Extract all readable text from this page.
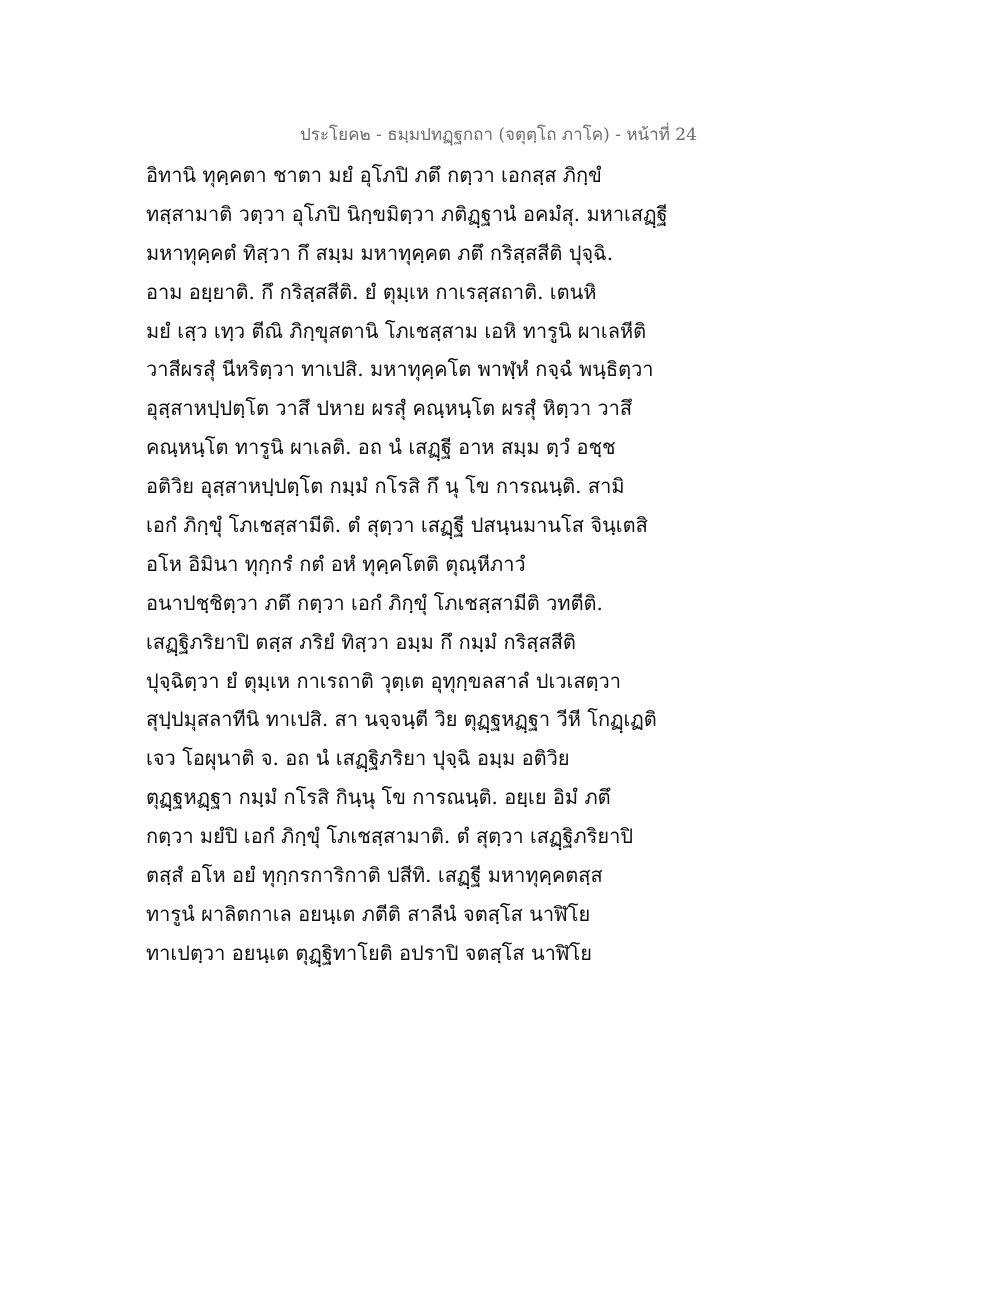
ประโยค๒ - ธมฺมปทฏฺฐกถา (จตุตฺโถ ภาโค) - หน้าที่ 24
อิทานิ ทุคฺคตา ชาตา มยํ อุโภปิ ภตึ กตฺวา เอกสฺส ภิกฺขํ
ทสฺสามาติ วตฺวา อุโภปิ นิกฺขมิตฺวา ภติฏฺฐานํ อคมํสุ. มหาเสฏฺฐี
มหาทุคฺคตํ ทิสฺวา กึ สมฺม มหาทุคฺคต ภตึ กริสฺสสีติ ปุจฺฉิ.
อาม อยฺยาติ. กึ กริสฺสสีติ. ยํ ตุมฺเห กาเรสฺสถาติ. เตนหิ
มยํ เสฺว เทฺว ตีณิ ภิกฺขุสตานิ โภเชสฺสาม เอหิ ทารูนิ ผาเลหีติ
วาสีผรสุํ นีหริตฺวา ทาเปสิ. มหาทุคฺคโต พาฬฺหํ กจฺฉํ พนฺธิตฺวา
อุสฺสาหปฺปตฺโต วาสึ ปหาย ผรสุํ คณฺหนฺโต ผรสุํ หิตฺวา วาสึ
คณฺหนฺโต ทารูนิ ผาเลติ. อถ นํ เสฏฺฐี อาห สมฺม ตฺวํ อชฺช
อติวิย อุสฺสาหปฺปตฺโต กมฺมํ กโรสิ กึ นุ โข การณนฺติ. สามิ
เอกํ ภิกฺขุํ โภเชสฺสามีติ. ตํ สุตฺวา เสฏฺฐี ปสนฺนมานโส จินฺเตสิ
อโห อิมินา ทุกฺกรํ กตํ อหํ ทุคฺคโตติ ตุณฺหีภาวํ
อนาปชฺชิตฺวา ภตึ กตฺวา เอกํ ภิกฺขุํ โภเชสฺสามีติ วทตีติ.
เสฏฺฐิภริยาปิ ตสฺส ภริยํ ทิสฺวา อมฺม กึ กมฺมํ กริสฺสสีติ
ปุจฺฉิตฺวา ยํ ตุมฺเห กาเรถาติ วุตฺเต อุทุกฺขลสาลํ ปเวเสตฺวา
สุปฺปมุสลาทีนิ ทาเปสิ. สา นจฺจนฺตี วิย ตุฏฺฐหฏฺฐา วีหี โกฏฺเฏติ
เจว โอผุนาติ จ. อถ นํ เสฏฺฐิภริยา ปุจฺฉิ อมฺม อติวิย
ตุฏฺฐหฏฺฐา กมฺมํ กโรสิ กินฺนุ โข การณนฺติ. อยฺเย อิมํ ภตึ
กตฺวา มยํปิ เอกํ ภิกฺขุํ โภเชสฺสามาติ. ตํ สุตฺวา เสฏฺฐิภริยาปิ
ตสฺสํ อโห อยํ ทุกฺกรการิกาติ ปสีทิ. เสฏฺฐี มหาทุคฺคตสฺส
ทารูนํ ผาลิตกาเล อยนฺเต ภตีติ สาลีนํ จตสฺโส นาฬิโย
ทาเปตฺวา อยนฺเต ตุฏฺฐิทาโยติ อปราปิ จตสฺโส นาฬิโย
